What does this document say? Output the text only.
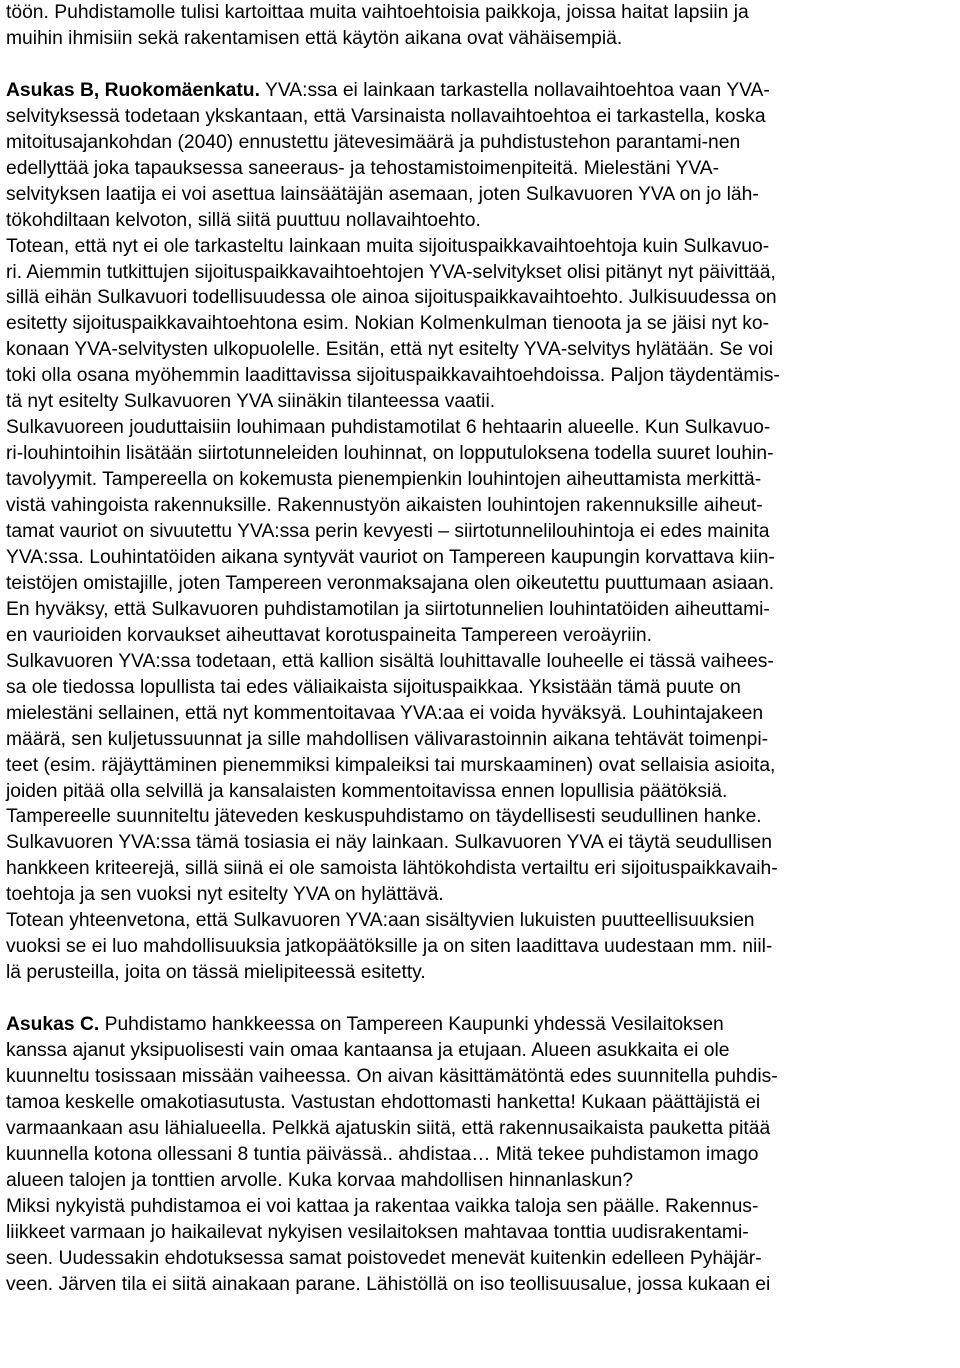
töön. Puhdistamolle tulisi kartoittaa muita vaihtoehtoisia paikkoja, joissa haitat lapsiin ja
muihin ihmisiin sekä rakentamisen että käytön aikana ovat vähäisempiä.
Asukas B, Ruokomäenkatu. YVA:ssa ei lainkaan tarkastella nollavaihtoehtoa vaan YVA-
selvityksessä todetaan ykskantaan, että Varsinaista nollavaihtoehtoa ei tarkastella, koska
mitoitusajankohdan (2040) ennustettu jätevesimäärä ja puhdistustehon parantami-nen
edellyttää joka tapauksessa saneeraus- ja tehostamistoimenpiteitä. Mielestäni YVA-
selvityksen laatija ei voi asettua lainsäätäjän asemaan, joten Sulkavuoren YVA on jo läh-
tökohdiltaan kelvoton, sillä siitä puuttuu nollavaihtoehto.
Totean, että nyt ei ole tarkasteltu lainkaan muita sijoituspaikkavaihtoehtoja kuin Sulkavuo-
ri. Aiemmin tutkittujen sijoituspaikkavaihtoehtojen YVA-selvitykset olisi pitänyt nyt päivittää,
sillä eihän Sulkavuori todellisuudessa ole ainoa sijoituspaikkavaihtoehto. Julkisuudessa on
esitetty sijoituspaikkavaihtoehtona esim. Nokian Kolmenkulman tienoota ja se jäisi nyt ko-
konaan YVA-selvitysten ulkopuolelle. Esitän, että nyt esitelty YVA-selvitys hylätään. Se voi
toki olla osana myöhemmin laadittavissa sijoituspaikkavaihtoehdoissa. Paljon täydentämis-
tä nyt esitelty Sulkavuoren YVA siinäkin tilanteessa vaatii.
Sulkavuoreen jouduttaisiin louhimaan puhdistamotilat 6 hehtaarin alueelle. Kun Sulkavuo-
ri-louhintoihin lisätään siirtotunneleiden louhinnat, on lopputuloksena todella suuret louhin-
tavolyymit. Tampereella on kokemusta pienempienkin louhintojen aiheuttamista merkittä-
vistä vahingoista rakennuksille. Rakennustyön aikaisten louhintojen rakennuksille aiheut-
tamat vauriot on sivuutettu YVA:ssa perin kevyesti – siirtotunnelilouhintoja ei edes mainita
YVA:ssa. Louhintatöiden aikana syntyvät vauriot on Tampereen kaupungin korvattava kiin-
teistöjen omistajille, joten Tampereen veronmaksajana olen oikeutettu puuttumaan asiaan.
En hyväksy, että Sulkavuoren puhdistamotilan ja siirtotunnelien louhintatöiden aiheuttami-
en vaurioiden korvaukset aiheuttavat korotuspaineita Tampereen veroäyriin.
Sulkavuoren YVA:ssa todetaan, että kallion sisältä louhittavalle louheelle ei tässä vaihees-
sa ole tiedossa lopullista tai edes väliaikaista sijoituspaikkaa. Yksistään tämä puute on
mielestäni sellainen, että nyt kommentoitavaa YVA:aa ei voida hyväksyä. Louhintajakeen
määrä, sen kuljetussuunnat ja sille mahdollisen välivarastoinnin aikana tehtävät toimenpi-
teet (esim. räjäyttäminen pienemmiksi kimpaleiksi tai murskaaminen) ovat sellaisia asioita,
joiden pitää olla selvillä ja kansalaisten kommentoitavissa ennen lopullisia päätöksiä.
Tampereelle suunniteltu jäteveden keskuspuhdistamo on täydellisesti seudullinen hanke.
Sulkavuoren YVA:ssa tämä tosiasia ei näy lainkaan. Sulkavuoren YVA ei täytä seudullisen
hankkeen kriteerejä, sillä siinä ei ole samoista lähtökohdista vertailtu eri sijoituspaikkavaih-
toehtoja ja sen vuoksi nyt esitelty YVA on hylättävä.
Totean yhteenvetona, että Sulkavuoren YVA:aan sisältyvien lukuisten puutteellisuuksien
vuoksi se ei luo mahdollisuuksia jatkopäätöksille ja on siten laadittava uudestaan mm. niil-
lä perusteilla, joita on tässä mielipiteessä esitetty.
Asukas C. Puhdistamo hankkeessa on Tampereen Kaupunki yhdessä Vesilaitoksen
kanssa ajanut yksipuolisesti vain omaa kantaansa ja etujaan. Alueen asukkaita ei ole
kuunneltu tosissaan missään vaiheessa. On aivan käsittämätöntä edes suunnitella puhdis-
tamoa keskelle omakotiasutusta. Vastustan ehdottomasti hanketta! Kukaan päättäjistä ei
varmaankaan asu lähialueella. Pelkkä ajatuskin siitä, että rakennusaikaista pauketta pitää
kuunnella kotona ollessani 8 tuntia päivässä.. ahdistaa… Mitä tekee puhdistamon imago
alueen talojen ja tonttien arvolle. Kuka korvaa mahdollisen hinnanlaskun?
Miksi nykyistä puhdistamoa ei voi kattaa ja rakentaa vaikka taloja sen päälle. Rakennus-
liikkeet varmaan jo haikailevat nykyisen vesilaitoksen mahtavaa tonttia uudisrakentami-
seen. Uudessakin ehdotuksessa samat poistovedet menevät kuitenkin edelleen Pyhäjär-
veen. Järven tila ei siitä ainakaan parane. Lähistöllä on iso teollisuusalue, jossa kukaan ei
